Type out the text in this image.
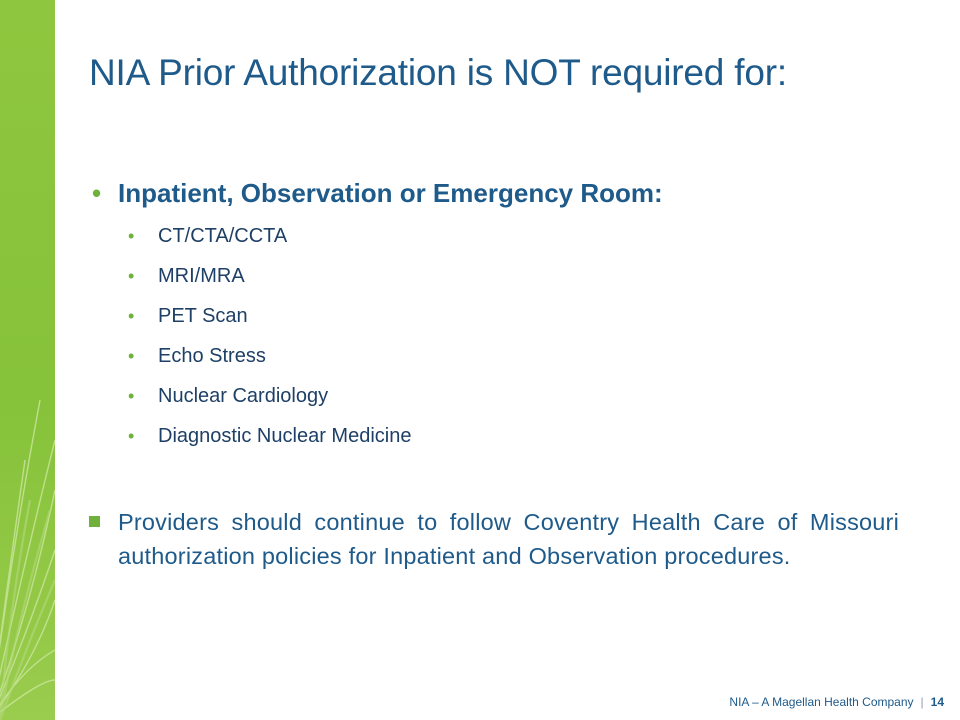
NIA Prior Authorization is NOT required for:
• Inpatient, Observation or Emergency Room:
•	CT/CTA/CCTA
•	MRI/MRA
•	PET Scan
•	Echo Stress
•	Nuclear Cardiology
•	Diagnostic Nuclear Medicine
Providers should continue to follow Coventry Health Care of Missouri authorization policies for Inpatient and Observation procedures.
NIA – A Magellan Health Company | 14
